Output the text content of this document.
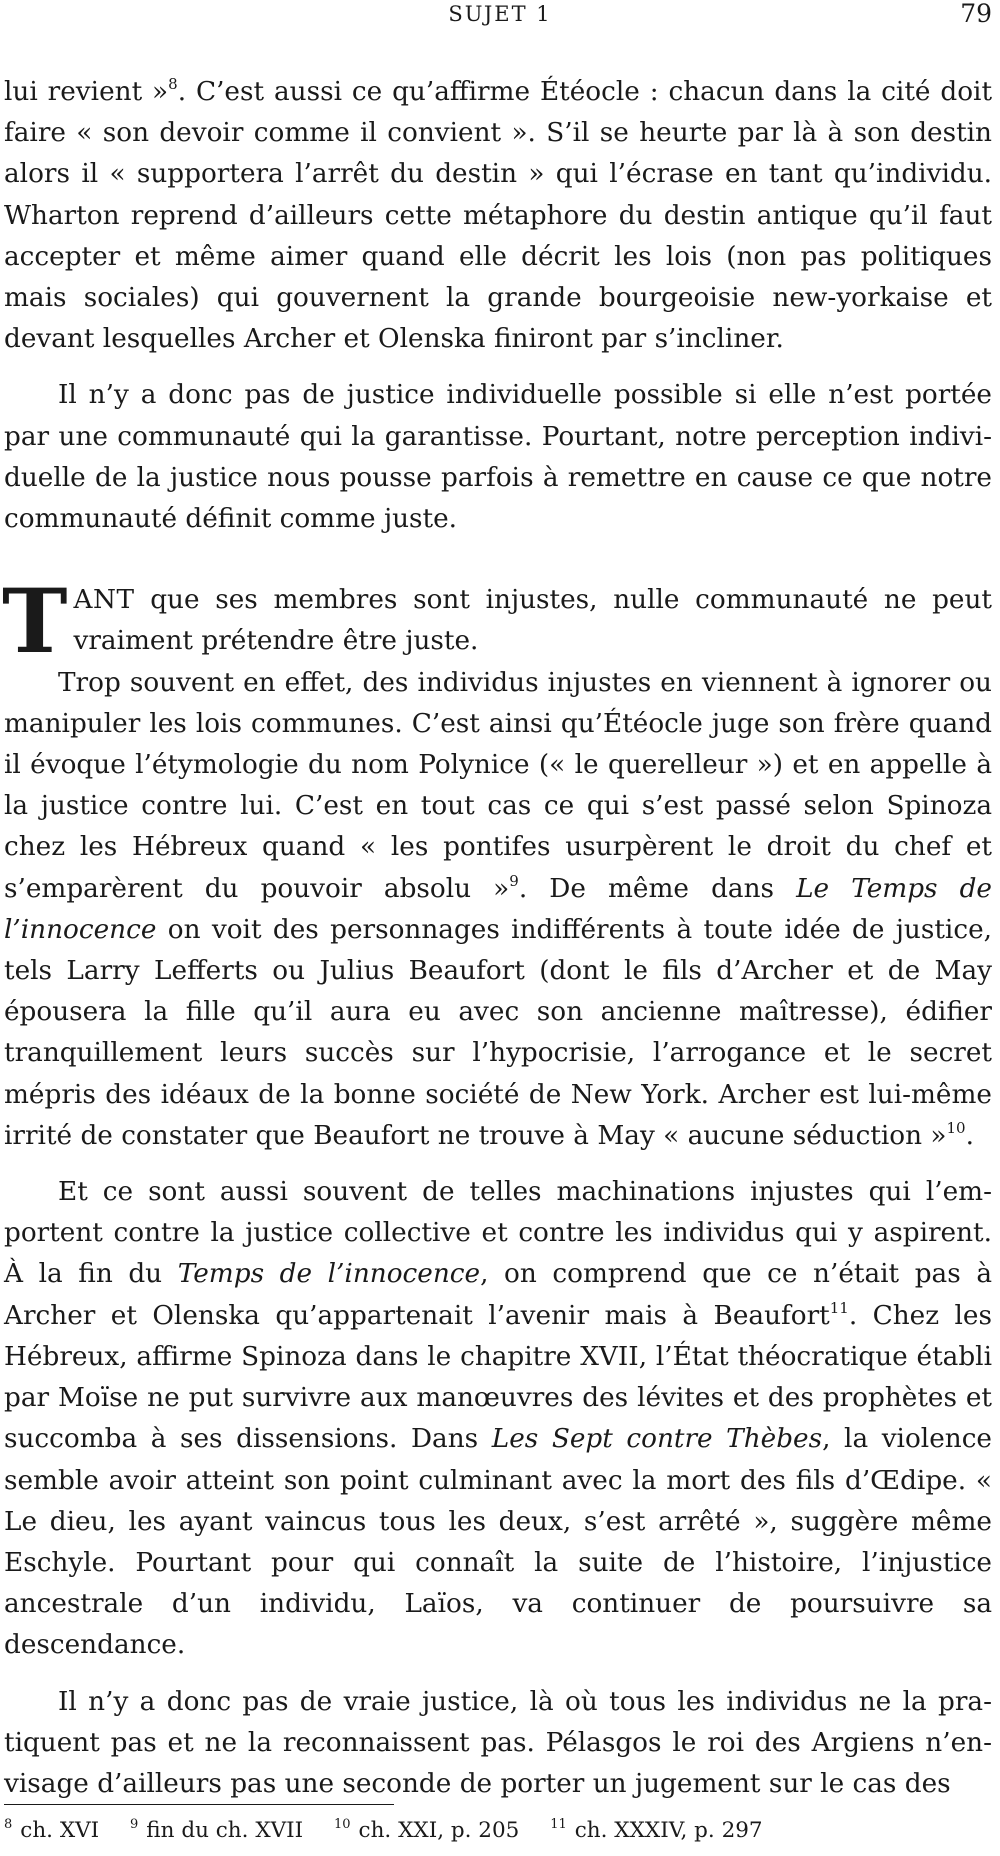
SUJET 1	79

lui revient »$^8$. C’est aussi ce qu’affirme Étéocle : chacun dans la cité doit faire « son devoir comme il convient ». S’il se heurte par là à son destin alors il « supportera l’arrêt du destin » qui l’écrase en tant qu’individu. Wharton reprend d’ailleurs cette métaphore du destin antique qu’il faut accepter et même aimer quand elle décrit les lois (non pas politiques mais sociales) qui gouvernent la grande bourgeoisie new-yorkaise et devant lesquelles Archer et Olenska finiront par s’incliner.

Il n’y a donc pas de justice individuelle possible si elle n’est portée par une communauté qui la garantisse. Pourtant, notre perception individuelle de la justice nous pousse parfois à remettre en cause ce que notre communauté définit comme juste.

TANT que ses membres sont injustes, nulle communauté ne peut vraiment prétendre être juste.

Trop souvent en effet, des individus injustes en viennent à ignorer ou manipuler les lois communes. C’est ainsi qu’Étéocle juge son frère quand il évoque l’étymologie du nom Polynice (« le querelleur ») et en appelle à la justice contre lui. C’est en tout cas ce qui s’est passé selon Spinoza chez les Hébreux quand « les pontifes usurpèrent le droit du chef et s’emparèrent du pouvoir absolu »$^9$. De même dans Le Temps de l’innocence on voit des personnages indifférents à toute idée de justice, tels Larry Lefferts ou Julius Beaufort (dont le fils d’Archer et de May épousera la fille qu’il aura eu avec son ancienne maîtresse), édifier tranquillement leurs succès sur l’hypocrisie, l’arrogance et le secret mépris des idéaux de la bonne société de New York. Archer est lui-même irrité de constater que Beaufort ne trouve à May « aucune séduction »$^{10}$.

Et ce sont aussi souvent de telles machinations injustes qui l’emportent contre la justice collective et contre les individus qui y aspirent. À la fin du Temps de l’innocence, on comprend que ce n’était pas à Archer et Olenska qu’appartenait l’avenir mais à Beaufort$^{11}$. Chez les Hébreux, affirme Spinoza dans le chapitre XVII, l’État théocratique établi par Moïse ne put survivre aux manœuvres des lévites et des prophètes et succomba à ses dissensions. Dans Les Sept contre Thèbes, la violence semble avoir atteint son point culminant avec la mort des fils d’Œdipe. « Le dieu, les ayant vaincus tous les deux, s’est arrêté », suggère même Eschyle. Pourtant pour qui connaît la suite de l’histoire, l’injustice ancestrale d’un individu, Laïos, va continuer de poursuivre sa descendance.

Il n’y a donc pas de vraie justice, là où tous les individus ne la pratiquent pas et ne la reconnaissent pas. Pélasgos le roi des Argiens n’envisage d’ailleurs pas une seconde de porter un jugement sur le cas des

$^8$ ch. XVI $^9$ fin du ch. XVII $^{10}$ ch. XXI, p. 205 $^{11}$ ch. XXXIV, p. 297
